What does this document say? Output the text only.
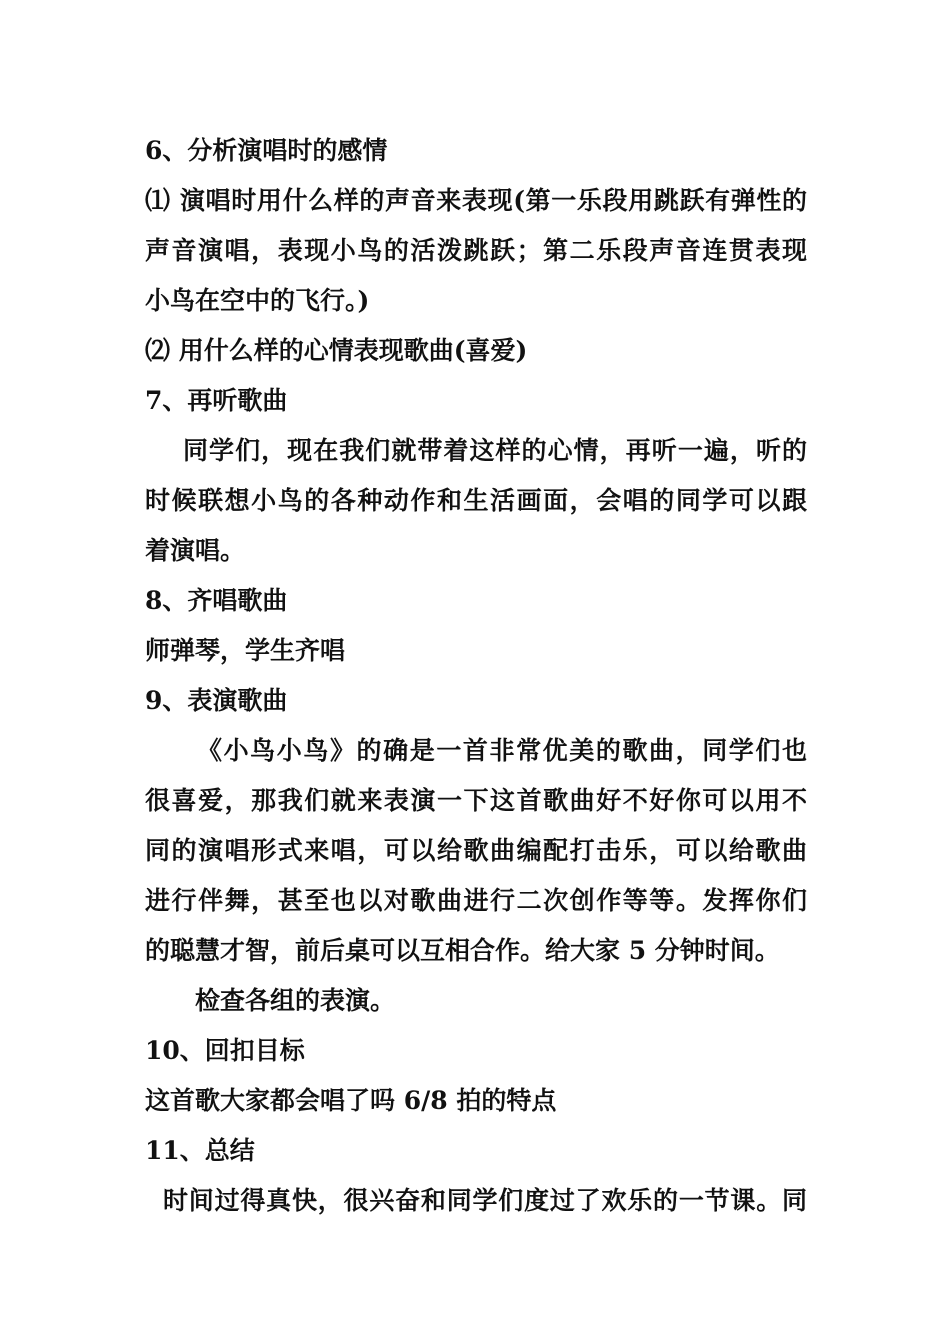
6、分析演唱时的感情

⑴ 演唱时用什么样的声音来表现(第一乐段用跳跃有弹性的

声音演唱，表现小鸟的活泼跳跃；第二乐段声音连贯表现

小鸟在空中的飞行。)

⑵ 用什么样的心情表现歌曲(喜爱)

7、再听歌曲

同学们，现在我们就带着这样的心情，再听一遍，听的

时候联想小鸟的各种动作和生活画面，会唱的同学可以跟

着演唱。

8、齐唱歌曲

师弹琴，学生齐唱

9、表演歌曲

《小鸟小鸟》的确是一首非常优美的歌曲，同学们也

很喜爱，那我们就来表演一下这首歌曲好不好你可以用不

同的演唱形式来唱，可以给歌曲编配打击乐，可以给歌曲

进行伴舞，甚至也以对歌曲进行二次创作等等。发挥你们

的聪慧才智，前后桌可以互相合作。给大家 5 分钟时间。

检查各组的表演。

10、回扣目标

这首歌大家都会唱了吗 6/8 拍的特点

11、总结

时间过得真快，很兴奋和同学们度过了欢乐的一节课。同
